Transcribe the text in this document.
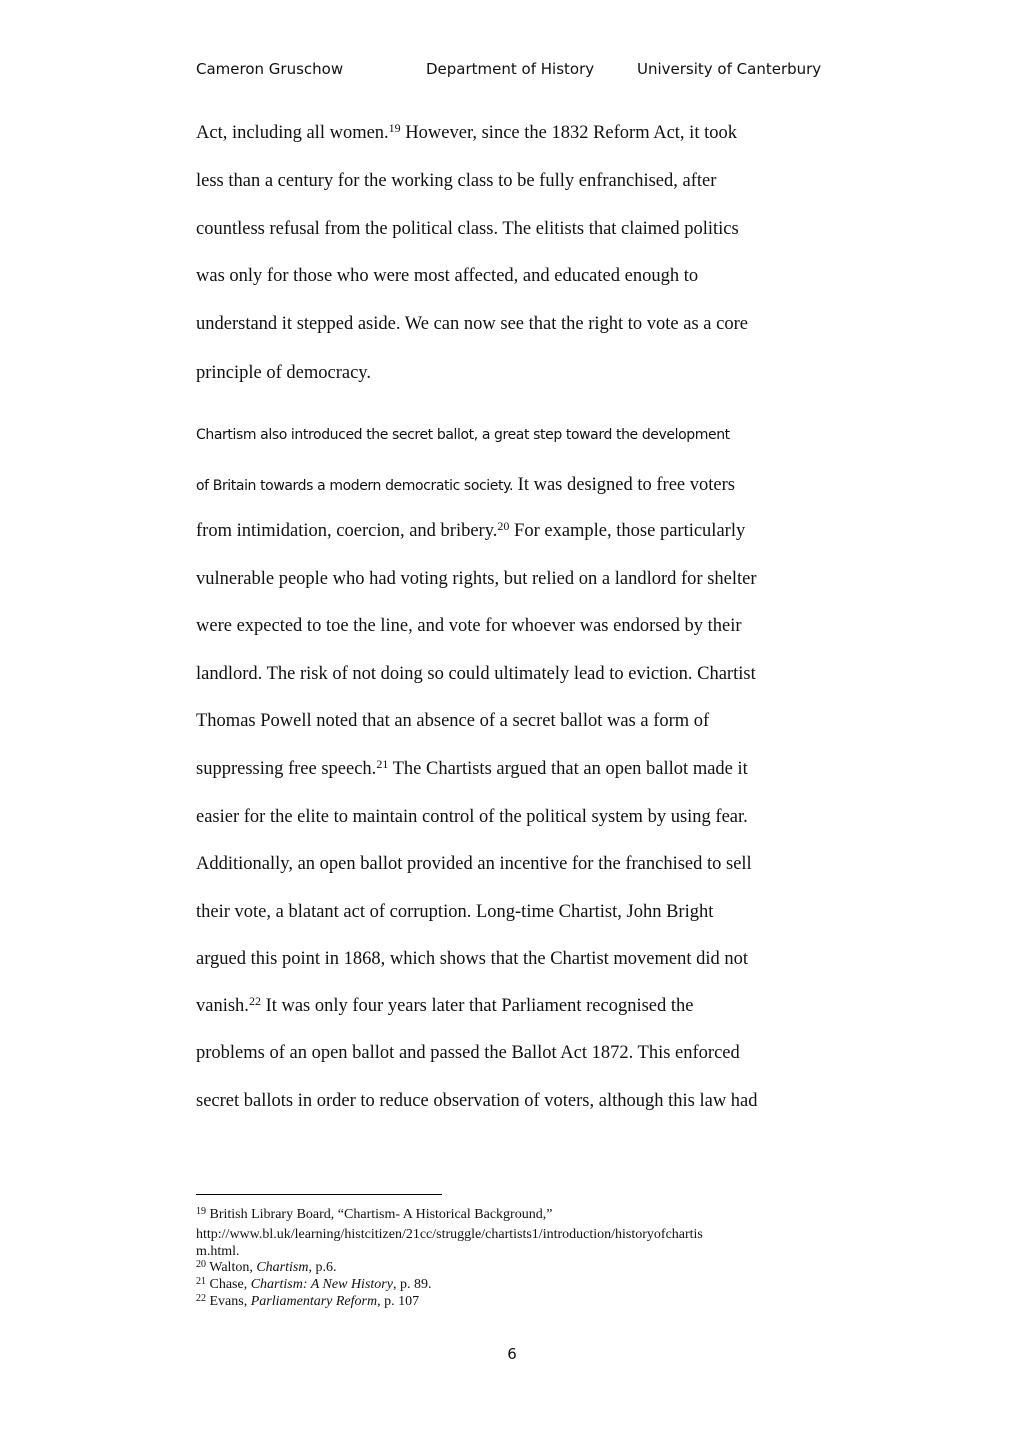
Cameron Gruschow	Department of History	University of Canterbury
Act, including all women.$^{19}$ However, since the 1832 Reform Act, it took
less than a century for the working class to be fully enfranchised, after
countless refusal from the political class. The elitists that claimed politics
was only for those who were most affected, and educated enough to
understand it stepped aside. We can now see that the right to vote as a core
principle of democracy.
Chartism also introduced the secret ballot, a great step toward the development
of Britain towards a modern democratic society. It was designed to free voters
from intimidation, coercion, and bribery.$^{20}$ For example, those particularly
vulnerable people who had voting rights, but relied on a landlord for shelter
were expected to toe the line, and vote for whoever was endorsed by their
landlord. The risk of not doing so could ultimately lead to eviction. Chartist
Thomas Powell noted that an absence of a secret ballot was a form of
suppressing free speech.$^{21}$ The Chartists argued that an open ballot made it
easier for the elite to maintain control of the political system by using fear.
Additionally, an open ballot provided an incentive for the franchised to sell
their vote, a blatant act of corruption. Long-time Chartist, John Bright
argued this point in 1868, which shows that the Chartist movement did not
vanish.$^{22}$ It was only four years later that Parliament recognised the
problems of an open ballot and passed the Ballot Act 1872. This enforced
secret ballots in order to reduce observation of voters, although this law had
$^{19}$ British Library Board, “Chartism- A Historical Background,”
http://www.bl.uk/learning/histcitizen/21cc/struggle/chartists1/introduction/historyofchartis
m.html.
$^{20}$ Walton, Chartism, p.6.
$^{21}$ Chase, Chartism: A New History, p. 89.
$^{22}$ Evans, Parliamentary Reform, p. 107
6
